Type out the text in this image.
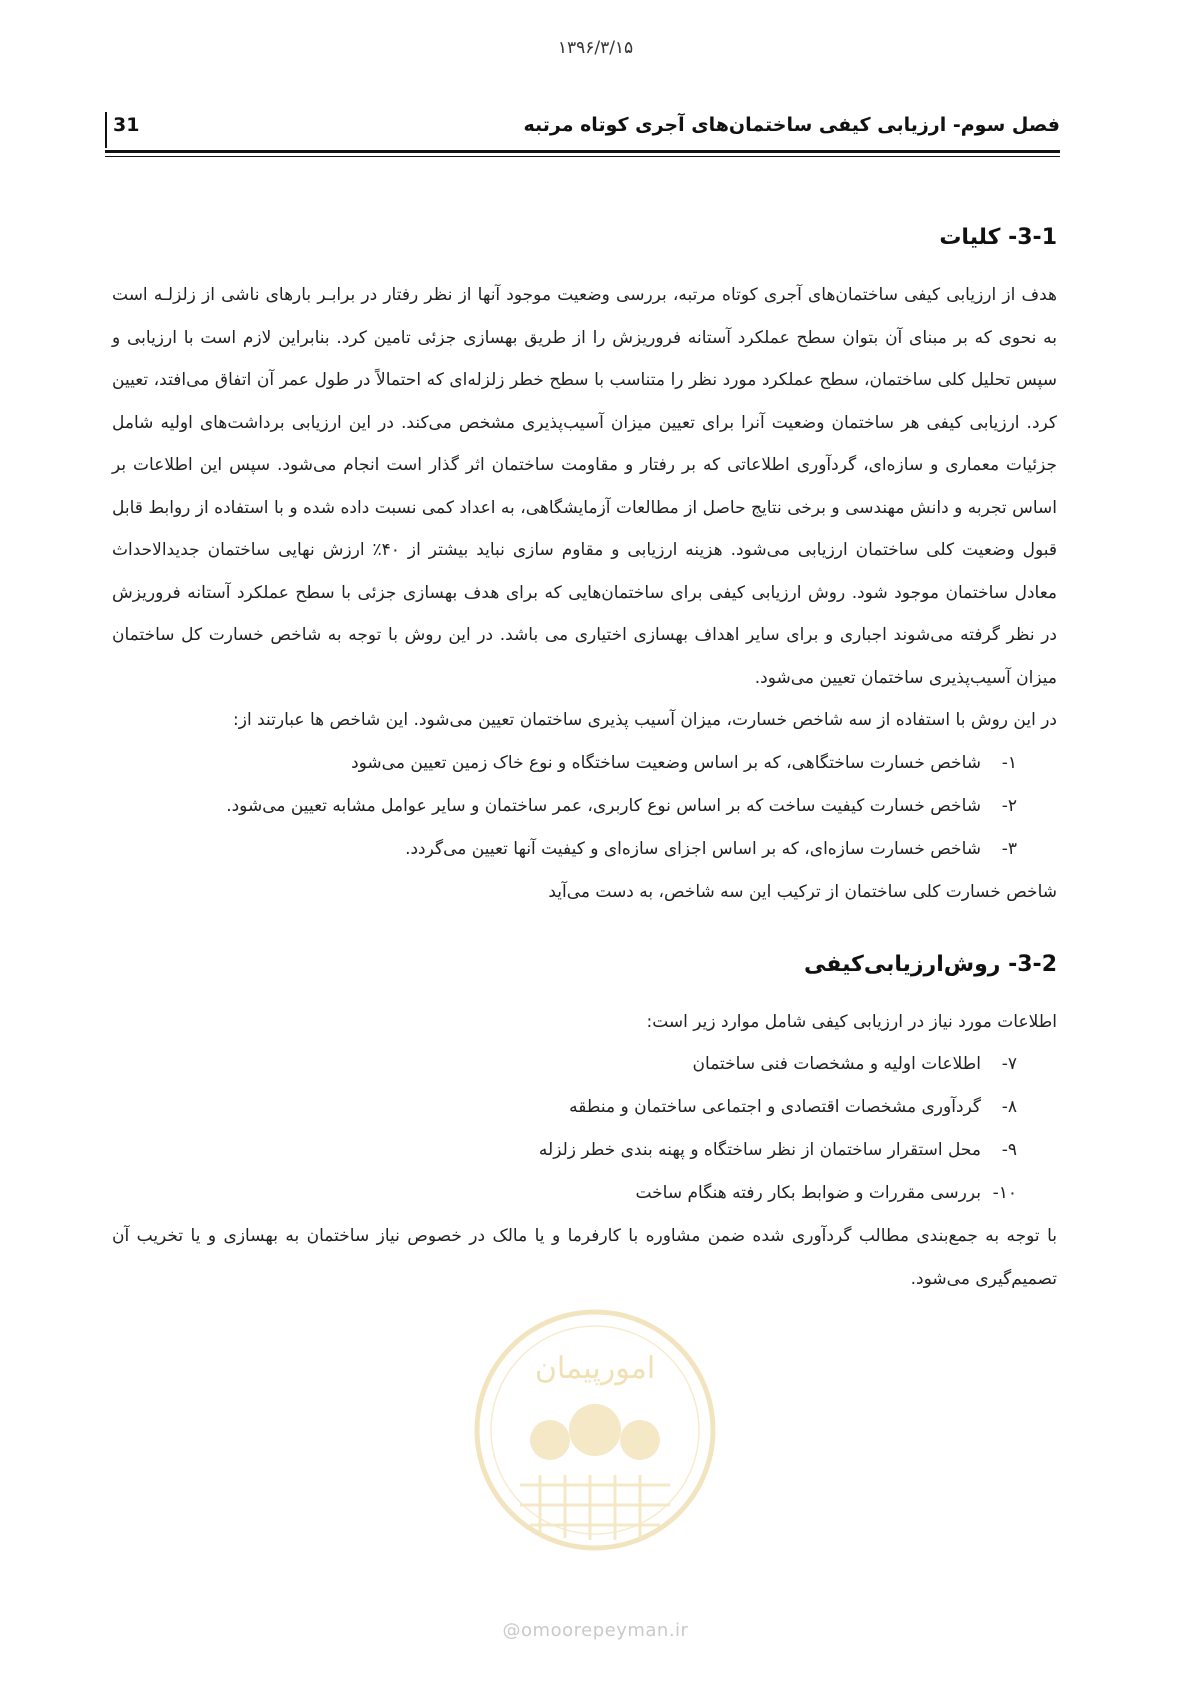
۱۳۹۶/۳/۱۵
31	فصل سوم- ارزیابی کیفی ساختمان‌های آجری کوتاه مرتبه
3-1- کلیات

هدف از ارزیابی کیفی ساختمان‌های آجری کوتاه مرتبه، بررسی وضعیت موجود آنها از نظر رفتار در برابـر بارهای ناشی از زلزلـه است به نحوی که بر مبنای آن بتوان سطح عملکرد آستانه فروریزش را از طریق بهسازی جزئی تامین کرد. بنابراین لازم است با ارزیابی و سپس تحلیل کلی ساختمان، سطح عملکرد مورد نظر را متناسب با سطح خطر زلزله‌ای که احتمالاً در طول عمر آن اتفاق می‌افتد، تعیین کرد. ارزیابی کیفی هر ساختمان وضعیت آنرا برای تعیین میزان آسیب‌پذیری مشخص می‌کند. در این ارزیابی برداشت‌های اولیه شامل جزئیات معماری و سازه‌ای، گردآوری اطلاعاتی که بر رفتار و مقاومت ساختمان اثر گذار است انجام می‌شود. سپس این اطلاعات بر اساس تجربه و دانش مهندسی و برخی نتایج حاصل از مطالعات آزمایشگاهی، به اعداد کمی نسبت داده شده و با استفاده از روابط قابل قبول وضعیت کلی ساختمان ارزیابی می‌شود. هزینه ارزیابی و مقاوم سازی نباید بیشتر از ۴۰٪ ارزش نهایی ساختمان جدیدالاحداث معادل ساختمان موجود شود. روش ارزیابی کیفی برای ساختمان‌هایی که برای هدف بهسازی جزئی با سطح عملکرد آستانه فروریزش در نظر گرفته می‌شوند اجباری و برای سایر اهداف بهسازی اختیاری می باشد. در این روش با توجه به شاخص خسارت کل ساختمان میزان آسیب‌پذیری ساختمان تعیین می‌شود.

در این روش با استفاده از سه شاخص خسارت، میزان آسیب پذیری ساختمان تعیین می‌شود. این شاخص ها عبارتند از:

۱-شاخص خسارت ساختگاهی، که بر اساس وضعیت ساختگاه و نوع خاک زمین تعیین می‌شود
۲-شاخص خسارت کیفیت ساخت که بر اساس نوع کاربری، عمر ساختمان و سایر عوامل مشابه تعیین می‌شود.
۳-شاخص خسارت سازه‌ای، که بر اساس اجزای سازه‌ای و کیفیت آنها تعیین می‌گردد.

شاخص خسارت کلی ساختمان از ترکیب این سه شاخص، به دست می‌آید

3-2- روش‌ارزیابی‌کیفی

اطلاعات مورد نیاز در ارزیابی کیفی شامل موارد زیر است:

۷-اطلاعات اولیه و مشخصات فنی ساختمان
۸-گردآوری مشخصات اقتصادی و اجتماعی ساختمان و منطقه
۹-محل استقرار ساختمان از نظر ساختگاه و پهنه بندی خطر زلزله
۱۰-بررسی مقررات و ضوابط بکار رفته هنگام ساخت

با توجه به جمع‌بندی مطالب گردآوری شده ضمن مشاوره با کارفرما و یا مالک در خصوص نیاز ساختمان به بهسازی و یا تخریب آن تصمیم‌گیری می‌شود.

امورپیمان
@omoorepeyman.ir
